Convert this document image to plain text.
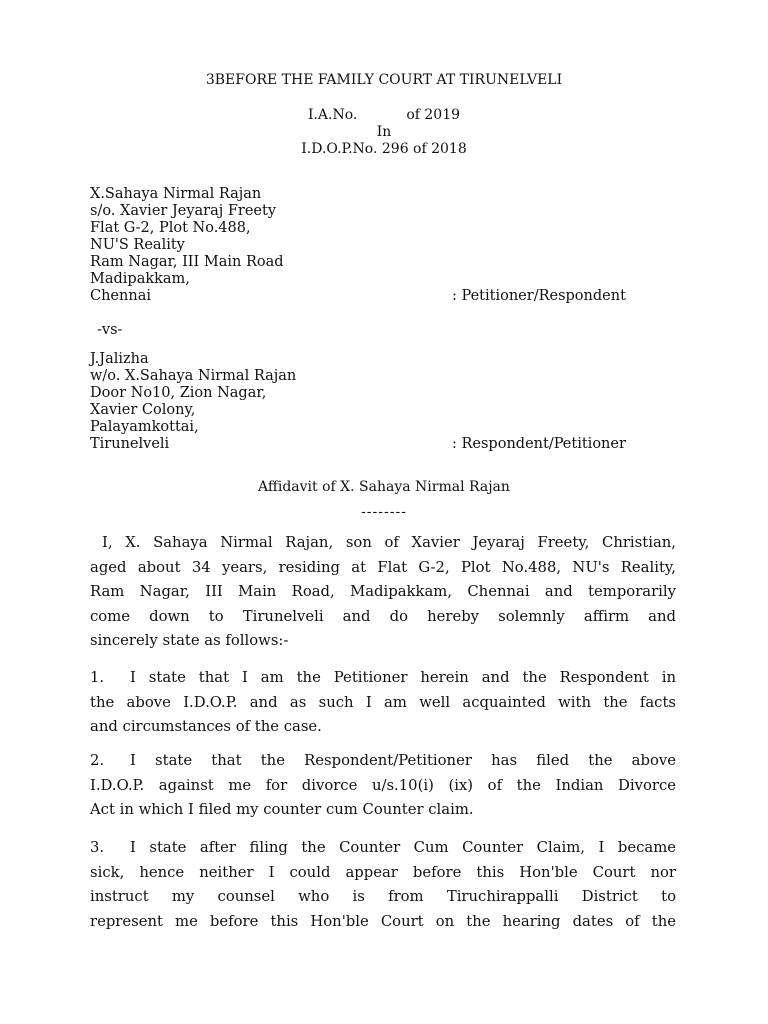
3BEFORE THE FAMILY COURT AT TIRUNELVELI
I.A.No.           of 2019
In
I.D.O.P.No. 296 of 2018
X.Sahaya Nirmal Rajan
s/o. Xavier Jeyaraj Freety
Flat G-2, Plot No.488,
NU'S Reality
Ram Nagar, III Main Road
Madipakkam,
Chennai	: Petitioner/Respondent
-vs-
J.Jalizha
w/o. X.Sahaya Nirmal Rajan
Door No10, Zion Nagar,
Xavier Colony,
Palayamkottai,
Tirunelveli	: Respondent/Petitioner
Affidavit of X. Sahaya Nirmal Rajan
--------
I, X. Sahaya Nirmal Rajan, son of Xavier Jeyaraj Freety, Christian,
aged about 34 years, residing at Flat G-2, Plot No.488, NU's Reality,
Ram Nagar, III Main Road, Madipakkam, Chennai and temporarily
come down to Tirunelveli and do hereby solemnly affirm and
sincerely state as follows:-
1.	I state that I am the Petitioner herein and the Respondent in
the above I.D.O.P. and as such I am well acquainted with the facts
and circumstances of the case.
2.	I state that the Respondent/Petitioner has filed the above
I.D.O.P. against me for divorce u/s.10(i) (ix) of the Indian Divorce
Act in which I filed my counter cum Counter claim.
3.	I state after filing the Counter Cum Counter Claim, I became
sick, hence neither I could appear before this Hon'ble Court nor
instruct my counsel who is from Tiruchirappalli District to
represent me before this Hon'ble Court on the hearing dates of the
